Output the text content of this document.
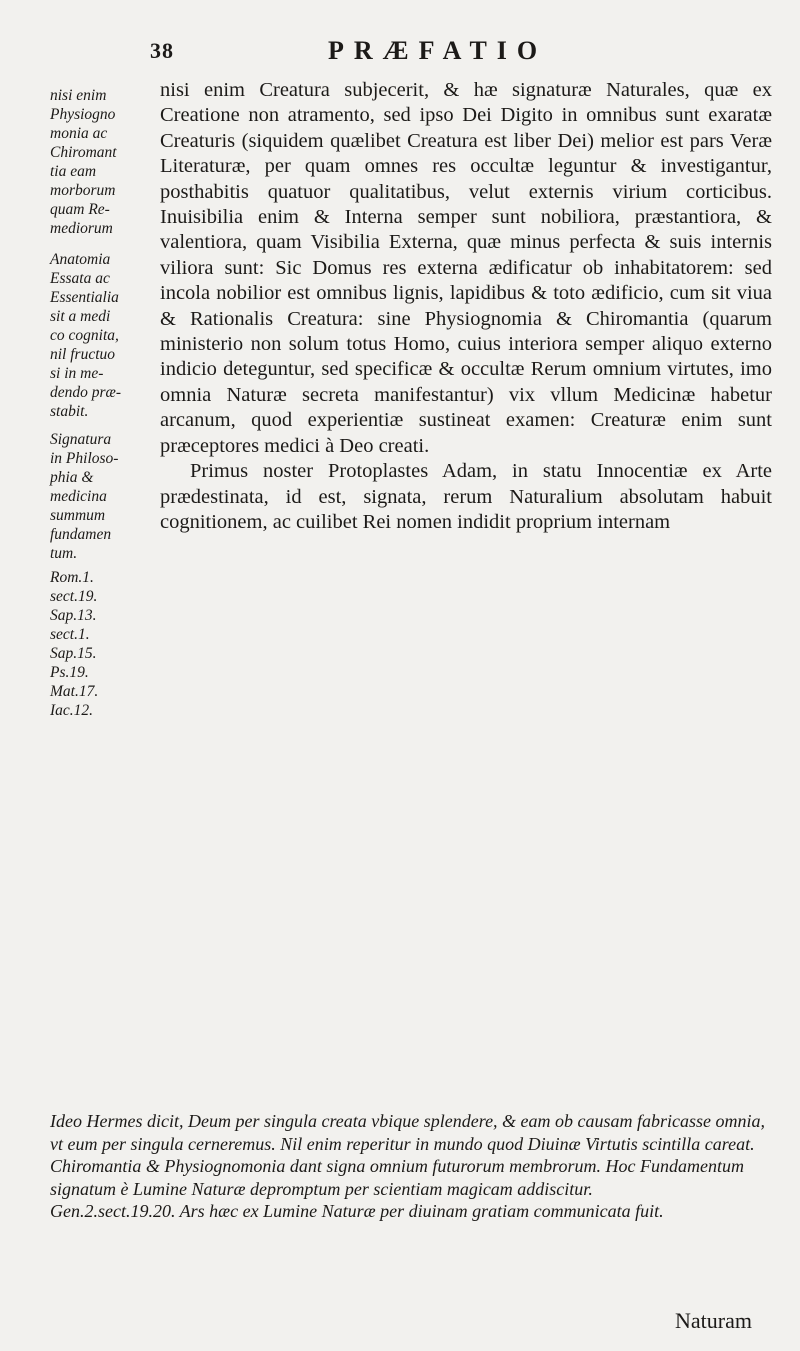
38	PRÆFATIO
nisi enim
Physiogno
monia ac
Chiromant
tia eam
morborum
quam Re-
mediorum
Anatomia
Essata ac
Essentialia
sit a medi
co cognita,
nil fructuo
si in me-
dendo præ-
stabit.
Signatura
in Philoso-
phia &
medicina
summum
fundamen
tum.
Rom.1.
sect.19.
Sap.13.
sect.1.
Sap.15.
Ps.19.
Mat.17.
Iac.12.

nisi enim Creatura subjecerit, & hæ signaturæ Naturales, quæ ex Creatione non atramento, sed ipso Dei Digito in omnibus sunt exaratæ Creaturis (siquidem quælibet Creatura est liber Dei) melior est pars Veræ Literaturæ, per quam omnes res occultæ leguntur & investigantur, posthabitis quatuor qualitatibus, velut externis virium corticibus. Inuisibilia enim & Interna semper sunt nobiliora, præstantiora, & valentiora, quam Visibilia Externa, quæ minus perfecta & suis internis viliora sunt: Sic Domus res externa ædificatur ob inhabitatorem: sed incola nobilior est omnibus lignis, lapidibus & toto ædificio, cum sit viua & Rationalis Creatura: sine Physiognomia & Chiromantia (quarum ministerio non solum totus Homo, cuius interiora semper aliquo externo indicio deteguntur, sed specificæ & occultæ Rerum omnium virtutes, imo omnia Naturæ secreta manifestantur) vix vllum Medicinæ habetur arcanum, quod experientiæ sustineat examen: Creaturæ enim sunt præceptores medici à Deo creati.

Primus noster Protoplastes Adam, in statu Innocentiæ ex Arte prædestinata, id est, signata, rerum Naturalium absolutam habuit cognitionem, ac cuilibet Rei nomen indidit proprium internam

Ideo Hermes dicit, Deum per singula creata vbique splendere, & eam ob causam fabricasse omnia, vt eum per singula cerneremus. Nil enim reperitur in mundo quod Diuinæ Virtutis scintilla careat.

Chiromantia & Physiognomonia dant signa omnium futurorum membrorum. Hoc Fundamentum signatum è Lumine Naturæ depromptum per scientiam magicam addiscitur.

Gen.2.sect.19.20. Ars hæc ex Lumine Naturæ per diuinam gratiam communicata fuit.

Naturam
